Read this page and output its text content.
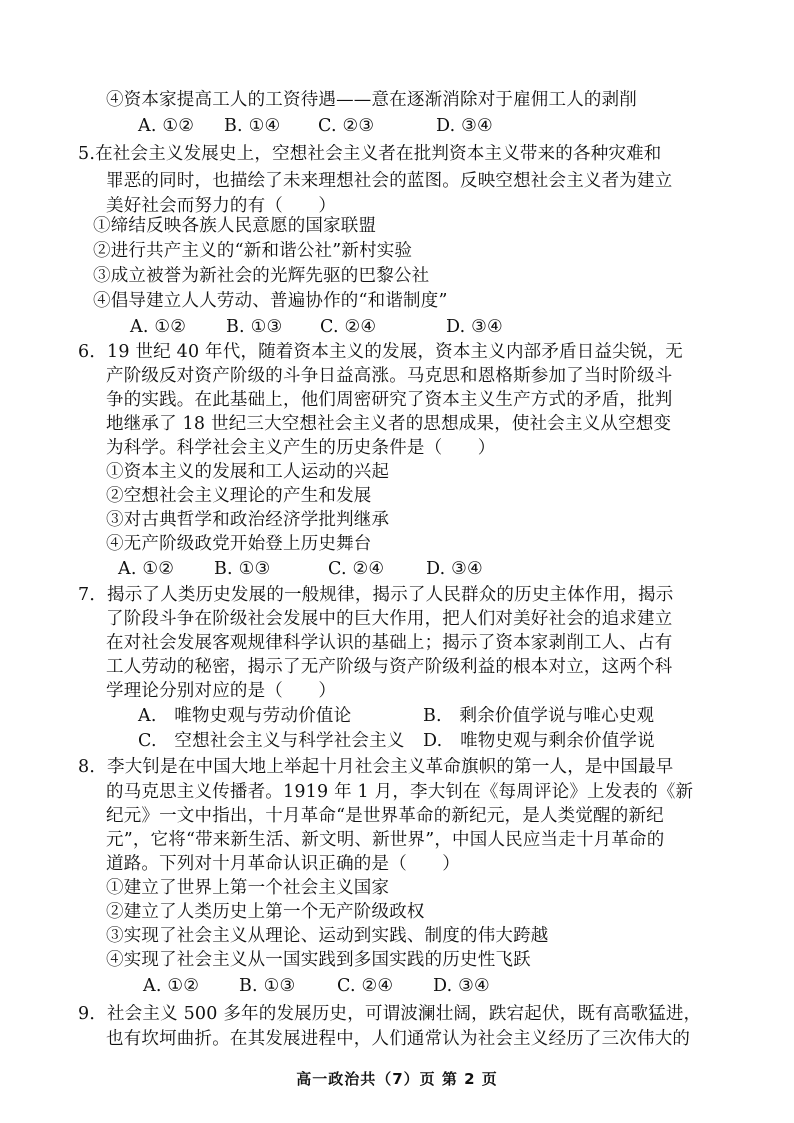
④资本家提高工人的工资待遇——意在逐渐消除对于雇佣工人的剥削
A. ①② B. ①④ C. ②③	D. ③④
5.在社会主义发展史上，空想社会主义者在批判资本主义带来的各种灾难和
罪恶的同时，也描绘了未来理想社会的蓝图。反映空想社会主义者为建立
美好社会而努力的有（　　）
①缔结反映各族人民意愿的国家联盟
②进行共产主义的“新和谐公社”新村实验
③成立被誉为新社会的光辉先驱的巴黎公社
④倡导建立人人劳动、普遍协作的“和谐制度”
A. ①② B. ①③ C. ②④	D. ③④
6．19 世纪 40 年代，随着资本主义的发展，资本主义内部矛盾日益尖锐，无
产阶级反对资产阶级的斗争日益高涨。马克思和恩格斯参加了当时阶级斗
争的实践。在此基础上，他们周密研究了资本主义生产方式的矛盾，批判
地继承了 18 世纪三大空想社会主义者的思想成果，使社会主义从空想变
为科学。科学社会主义产生的历史条件是（　　）
①资本主义的发展和工人运动的兴起
②空想社会主义理论的产生和发展
③对古典哲学和政治经济学批判继承
④无产阶级政党开始登上历史舞台
A. ①② B. ①③	C. ②④ D. ③④
7．揭示了人类历史发展的一般规律，揭示了人民群众的历史主体作用，揭示
了阶段斗争在阶级社会发展中的巨大作用，把人们对美好社会的追求建立
在对社会发展客观规律科学认识的基础上；揭示了资本家剥削工人、占有
工人劳动的秘密，揭示了无产阶级与资产阶级利益的根本对立，这两个科
学理论分别对应的是（　　）
A.　唯物史观与劳动价值论	B.　剩余价值学说与唯心史观
C.　空想社会主义与科学社会主义 D.　唯物史观与剩余价值学说
8．李大钊是在中国大地上举起十月社会主义革命旗帜的第一人，是中国最早
的马克思主义传播者。1919 年 1 月，李大钊在《每周评论》上发表的《新
纪元》一文中指出，十月革命“是世界革命的新纪元，是人类觉醒的新纪
元”，它将“带来新生活、新文明、新世界”，中国人民应当走十月革命的
道路。下列对十月革命认识正确的是（　　）
①建立了世界上第一个社会主义国家
②建立了人类历史上第一个无产阶级政权
③实现了社会主义从理论、运动到实践、制度的伟大跨越
④实现了社会主义从一国实践到多国实践的历史性飞跃
A. ①② B. ①③ C. ②④ D. ③④
9．社会主义 500 多年的发展历史，可谓波澜壮阔，跌宕起伏，既有高歌猛进，
也有坎坷曲折。在其发展进程中，人们通常认为社会主义经历了三次伟大的
高一政治共（7）页 第 2 页
